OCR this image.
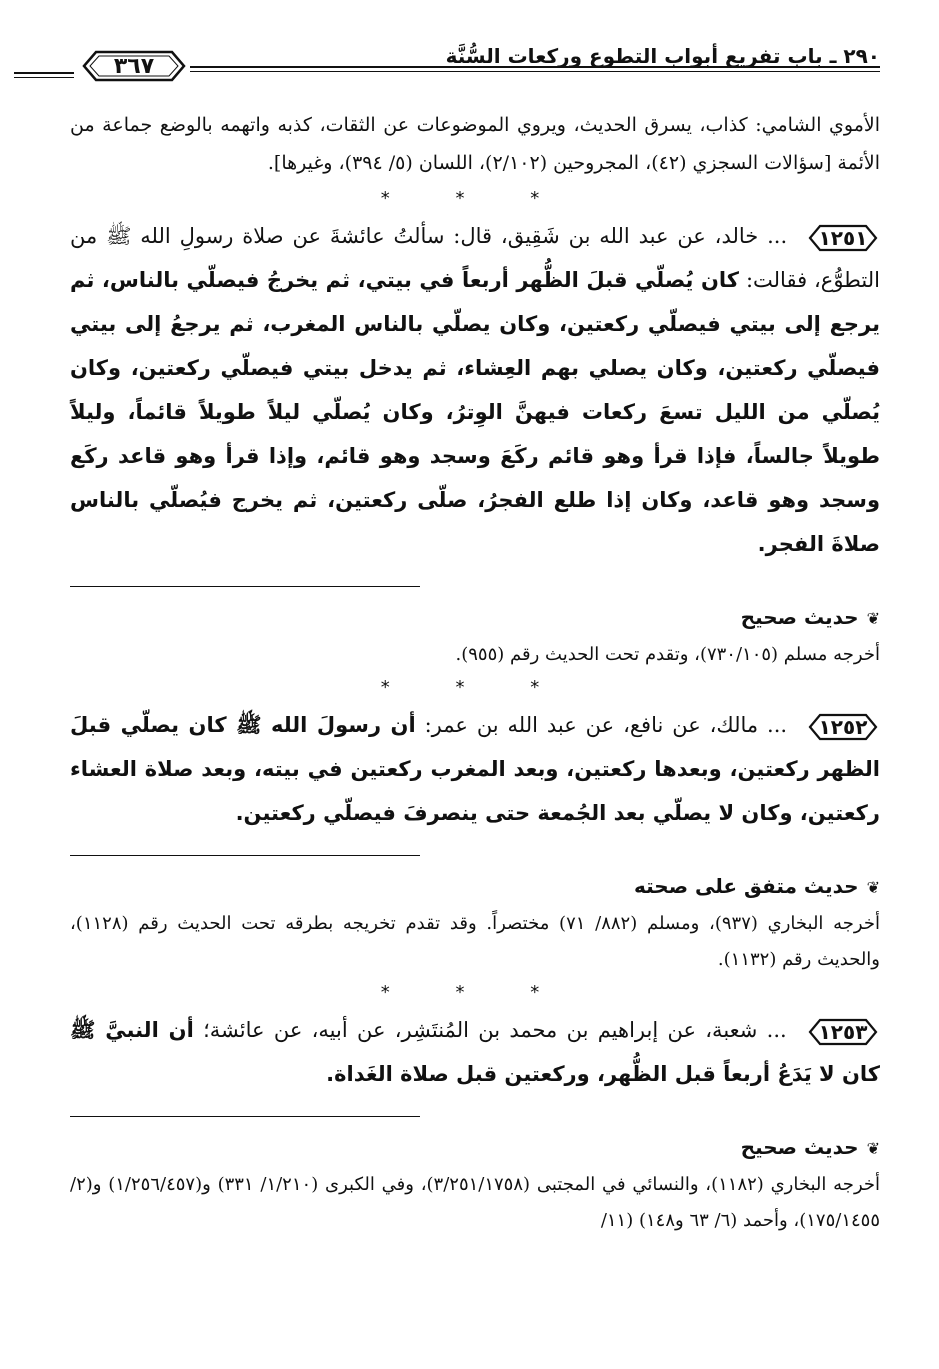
٢٩٠ ـ باب تفريع أبواب التطوع وركعات السُّنَّة
٣٦٧

الأموي الشامي: كذاب، يسرق الحديث، ويروي الموضوعات عن الثقات، كذبه واتهمه بالوضع جماعة من الأئمة [سؤالات السجزي (٤٢)، المجروحين (٢/١٠٢)، اللسان (٥/ ٣٩٤)، وغيرها].

* * *

١٢٥١
... خالد، عن عبد الله بن شَقِيق، قال: سألتُ عائشةَ عن صلاة رسولِ الله ﷺ من التطوُّع، فقالت: كان يُصلّي قبلَ الظُّهر أربعاً في بيتي، ثم يخرجُ فيصلّي بالناس، ثم يرجع إلى بيتي فيصلّي ركعتين، وكان يصلّي بالناس المغرب، ثم يرجعُ إلى بيتي فيصلّي ركعتين، وكان يصلي بهم العِشاء، ثم يدخل بيتي فيصلّي ركعتين، وكان يُصلّي من الليل تسعَ ركعات فيهنَّ الوِترُ، وكان يُصلّي ليلاً طويلاً قائماً، وليلاً طويلاً جالساً، فإذا قرأ وهو قائم ركَعَ وسجد وهو قائم، وإذا قرأ وهو قاعد ركَع وسجد وهو قاعد، وكان إذا طلع الفجرُ، صلّى ركعتين، ثم يخرج فيُصلّي بالناس صلاةَ الفجر.

❦حديث صحيح

أخرجه مسلم (٧٣٠/١٠٥)، وتقدم تحت الحديث رقم (٩٥٥).

* * *

١٢٥٢
... مالك، عن نافع، عن عبد الله بن عمر: أن رسولَ الله ﷺ كان يصلّي قبلَ الظهر ركعتين، وبعدها ركعتين، وبعد المغرب ركعتين في بيته، وبعد صلاة العشاء ركعتين، وكان لا يصلّي بعد الجُمعة حتى ينصرفَ فيصلّي ركعتين.

❦حديث متفق على صحته

أخرجه البخاري (٩٣٧)، ومسلم (٨٨٢/ ٧١) مختصراً. وقد تقدم تخريجه بطرقه تحت الحديث رقم (١١٢٨)، والحديث رقم (١١٣٢).

* * *

١٢٥٣
... شعبة، عن إبراهيم بن محمد بن المُنتَشِر، عن أبيه، عن عائشة؛ أن النبيَّ ﷺ كان لا يَدَعُ أربعاً قبل الظُّهر، وركعتين قبل صلاة الغَداة.

❦حديث صحيح

أخرجه البخاري (١١٨٢)، والنسائي في المجتبى (٣/٢٥١/١٧٥٨)، وفي الكبرى (١/٢١٠/ ٣٣١) و(١/٢٥٦/٤٥٧) و(٢/ ١٧٥/١٤٥٥)، وأحمد (٦/ ٦٣ و١٤٨) (١١/
